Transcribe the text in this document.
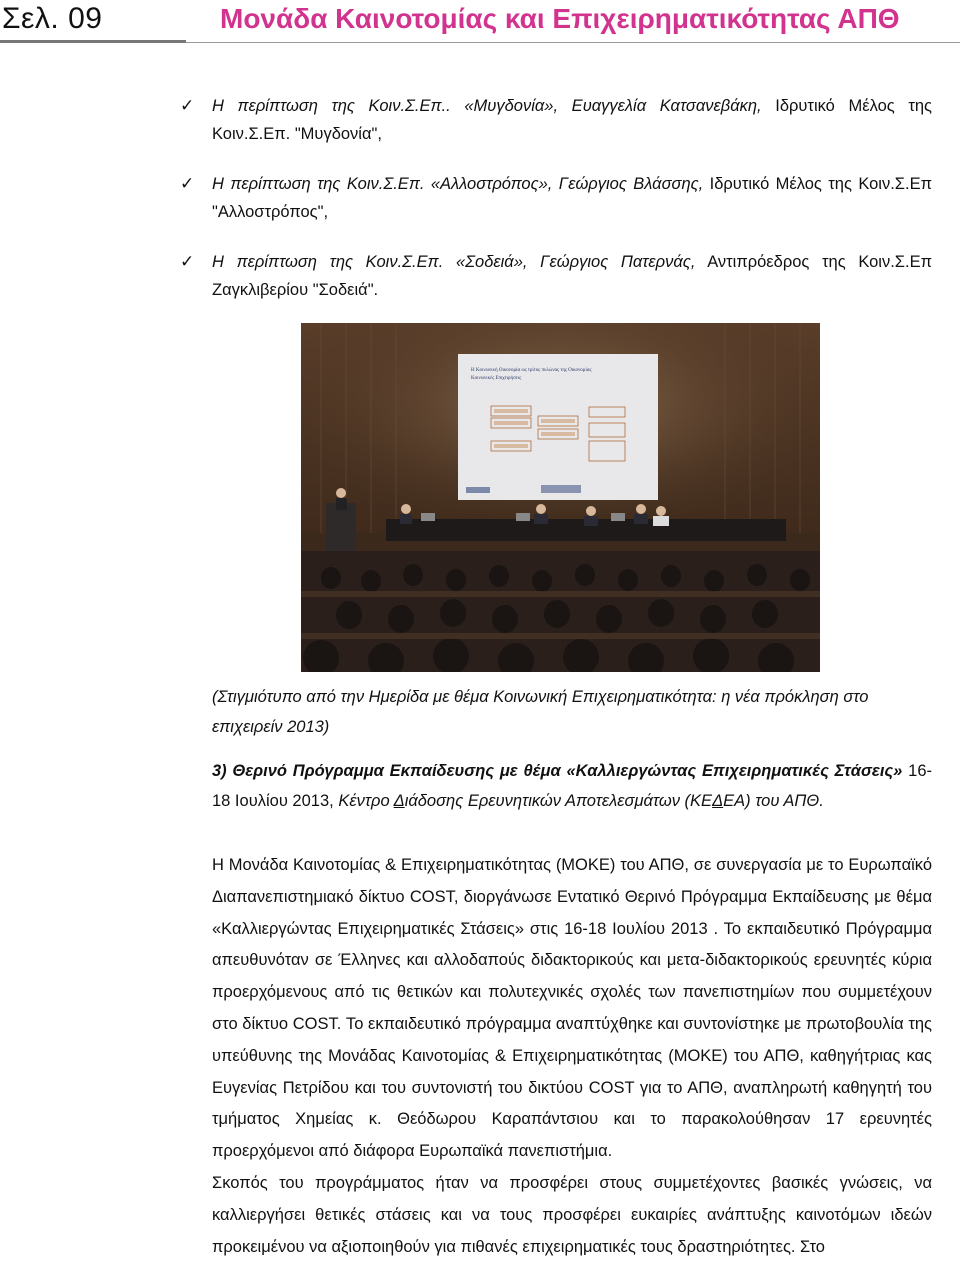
Σελ. 09	Μονάδα Καινοτομίας και Επιχειρηματικότητας ΑΠΘ
✓ Η περίπτωση της Κοιν.Σ.Επ.. «Μυγδονία», Ευαγγελία Κατσανεβάκη, Ιδρυτικό Μέλος της Κοιν.Σ.Επ. "Μυγδονία",
✓ Η περίπτωση της Κοιν.Σ.Επ. «Αλλοστρόπος», Γεώργιος Βλάσσης, Ιδρυτικό Μέλος της Κοιν.Σ.Επ "Αλλοστρόπος",
✓ Η περίπτωση της Κοιν.Σ.Επ. «Σοδειά», Γεώργιος Πατερνάς, Αντιπρόεδρος της Κοιν.Σ.Επ Ζαγκλιβερίου "Σοδειά".
Η Κοινωνική Οικονομία ως τρίτος πυλώνας της Οικονομίας
Κοινωνικές Επιχειρήσεις
(Στιγμιότυπο από την Ημερίδα με θέμα Κοινωνική Επιχειρηματικότητα: η νέα πρόκληση στο επιχειρείν 2013)
3) Θερινό Πρόγραμμα Εκπαίδευσης με θέμα «Καλλιεργώντας Επιχειρηματικές Στάσεις» 16-18 Ιουλίου 2013, Κέντρο Διάδοσης Ερευνητικών Αποτελεσμάτων (ΚΕΔΕΑ) του ΑΠΘ.

Η Μονάδα Καινοτομίας & Επιχειρηματικότητας (ΜΟΚΕ) του ΑΠΘ, σε συνεργασία με το Ευρωπαϊκό Διαπανεπιστημιακό δίκτυο COST, διοργάνωσε Εντατικό Θερινό Πρόγραμμα Εκπαίδευσης με θέμα «Καλλιεργώντας Επιχειρηματικές Στάσεις» στις 16-18 Ιουλίου 2013 . Το εκπαιδευτικό Πρόγραμμα απευθυνόταν σε Έλληνες και αλλοδαπούς διδακτορικούς και μετα-διδακτορικούς ερευνητές κύρια προερχόμενους από τις θετικών και πολυτεχνικές σχολές των πανεπιστημίων που συμμετέχουν στο δίκτυο COST. Το εκπαιδευτικό πρόγραμμα αναπτύχθηκε και συντονίστηκε με πρωτοβουλία της υπεύθυνης της Μονάδας Καινοτομίας & Επιχειρηματικότητας (ΜΟΚΕ) του ΑΠΘ, καθηγήτριας κας Ευγενίας Πετρίδου και του συντονιστή του δικτύου COST για το ΑΠΘ, αναπληρωτή καθηγητή του τμήματος Χημείας κ. Θεόδωρου Καραπάντσιου και το παρακολούθησαν 17 ερευνητές προερχόμενοι από διάφορα Ευρωπαϊκά πανεπιστήμια.

Σκοπός του προγράμματος ήταν να προσφέρει στους συμμετέχοντες βασικές γνώσεις, να καλλιεργήσει θετικές στάσεις και να τους προσφέρει ευκαιρίες ανάπτυξης καινοτόμων ιδεών προκειμένου να αξιοποιηθούν για πιθανές επιχειρηματικές τους δραστηριότητες. Στο
